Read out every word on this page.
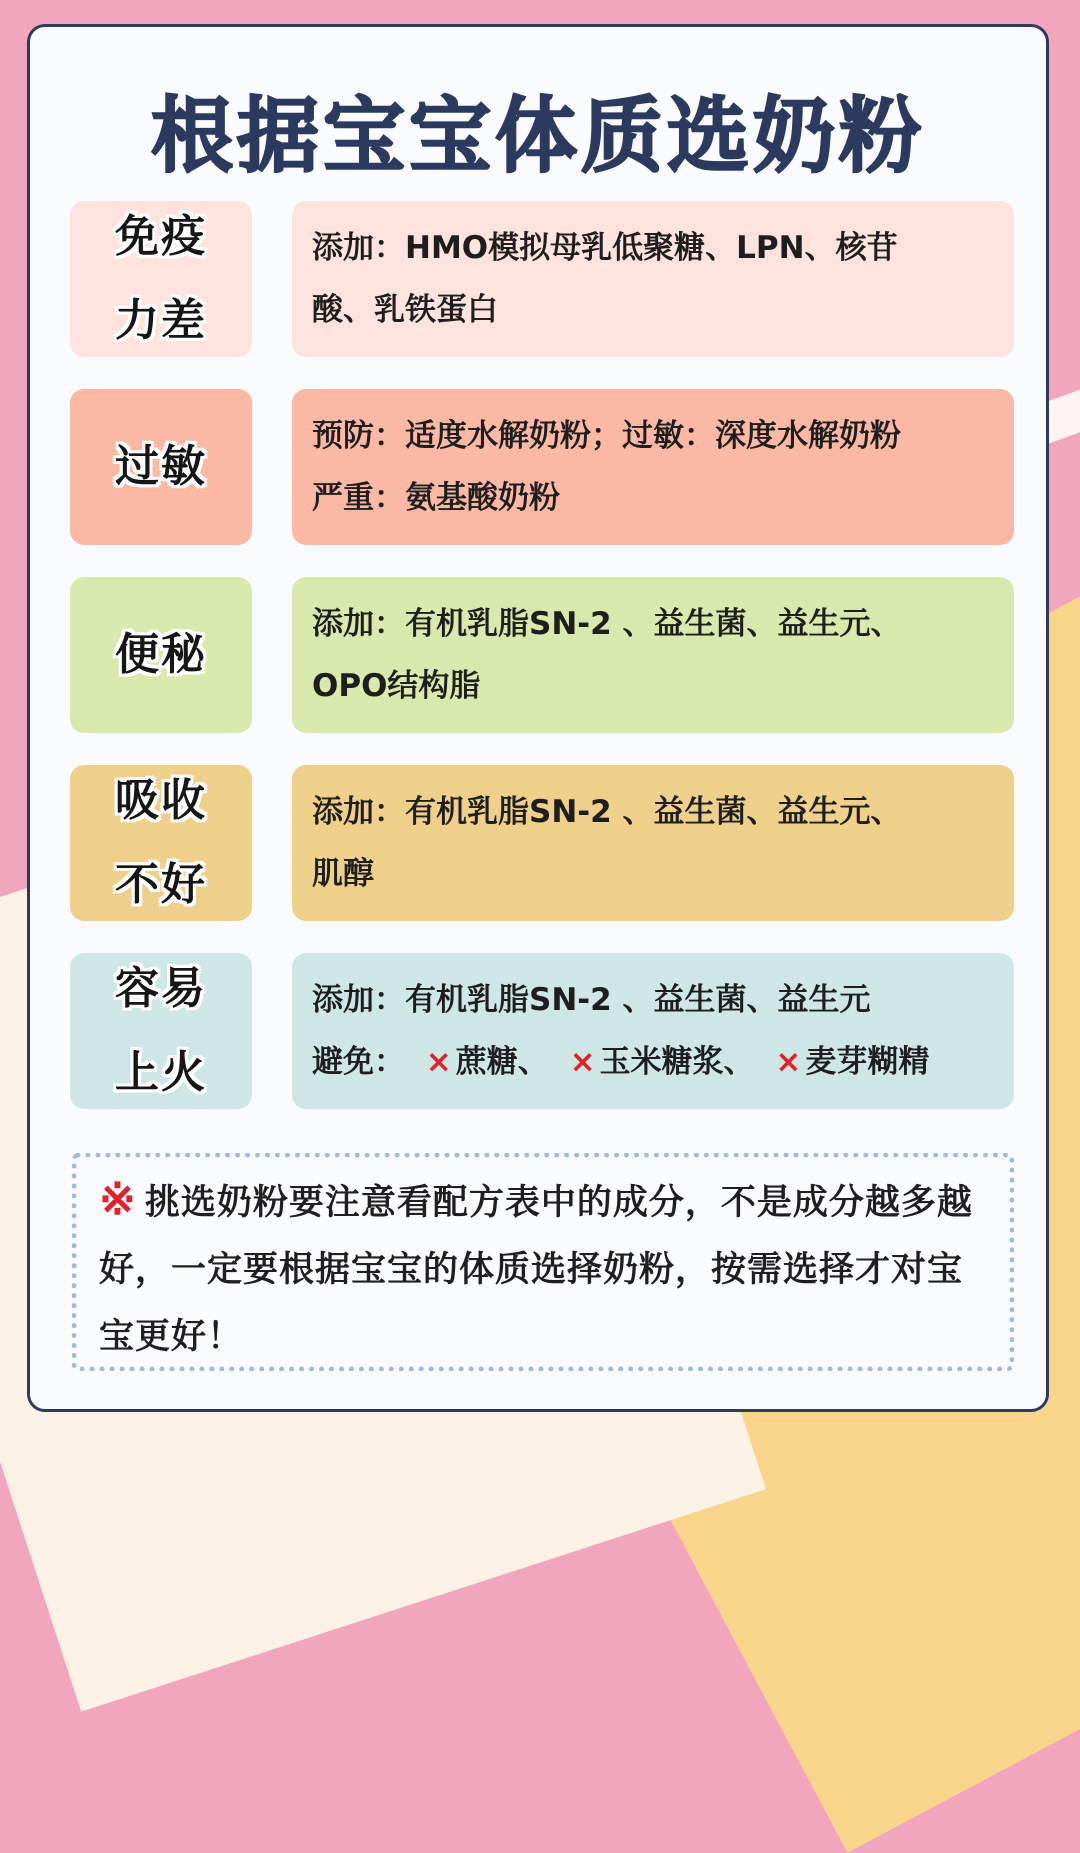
根据宝宝体质选奶粉
免疫
力差
添加：HMO模拟母乳低聚糖、LPN、核苷
酸、乳铁蛋白
过敏
预防：适度水解奶粉；过敏：深度水解奶粉
严重：氨基酸奶粉
便秘
添加：有机乳脂SN-2 、益生菌、益生元、
OPO结构脂
吸收
不好
添加：有机乳脂SN-2 、益生菌、益生元、
肌醇
容易
上火
添加：有机乳脂SN-2 、益生菌、益生元
避免： × 蔗糖、 × 玉米糖浆、 × 麦芽糊精
※ 挑选奶粉要注意看配方表中的成分，不是成分越多越好，一定要根据宝宝的体质选择奶粉，按需选择才对宝宝更好！
